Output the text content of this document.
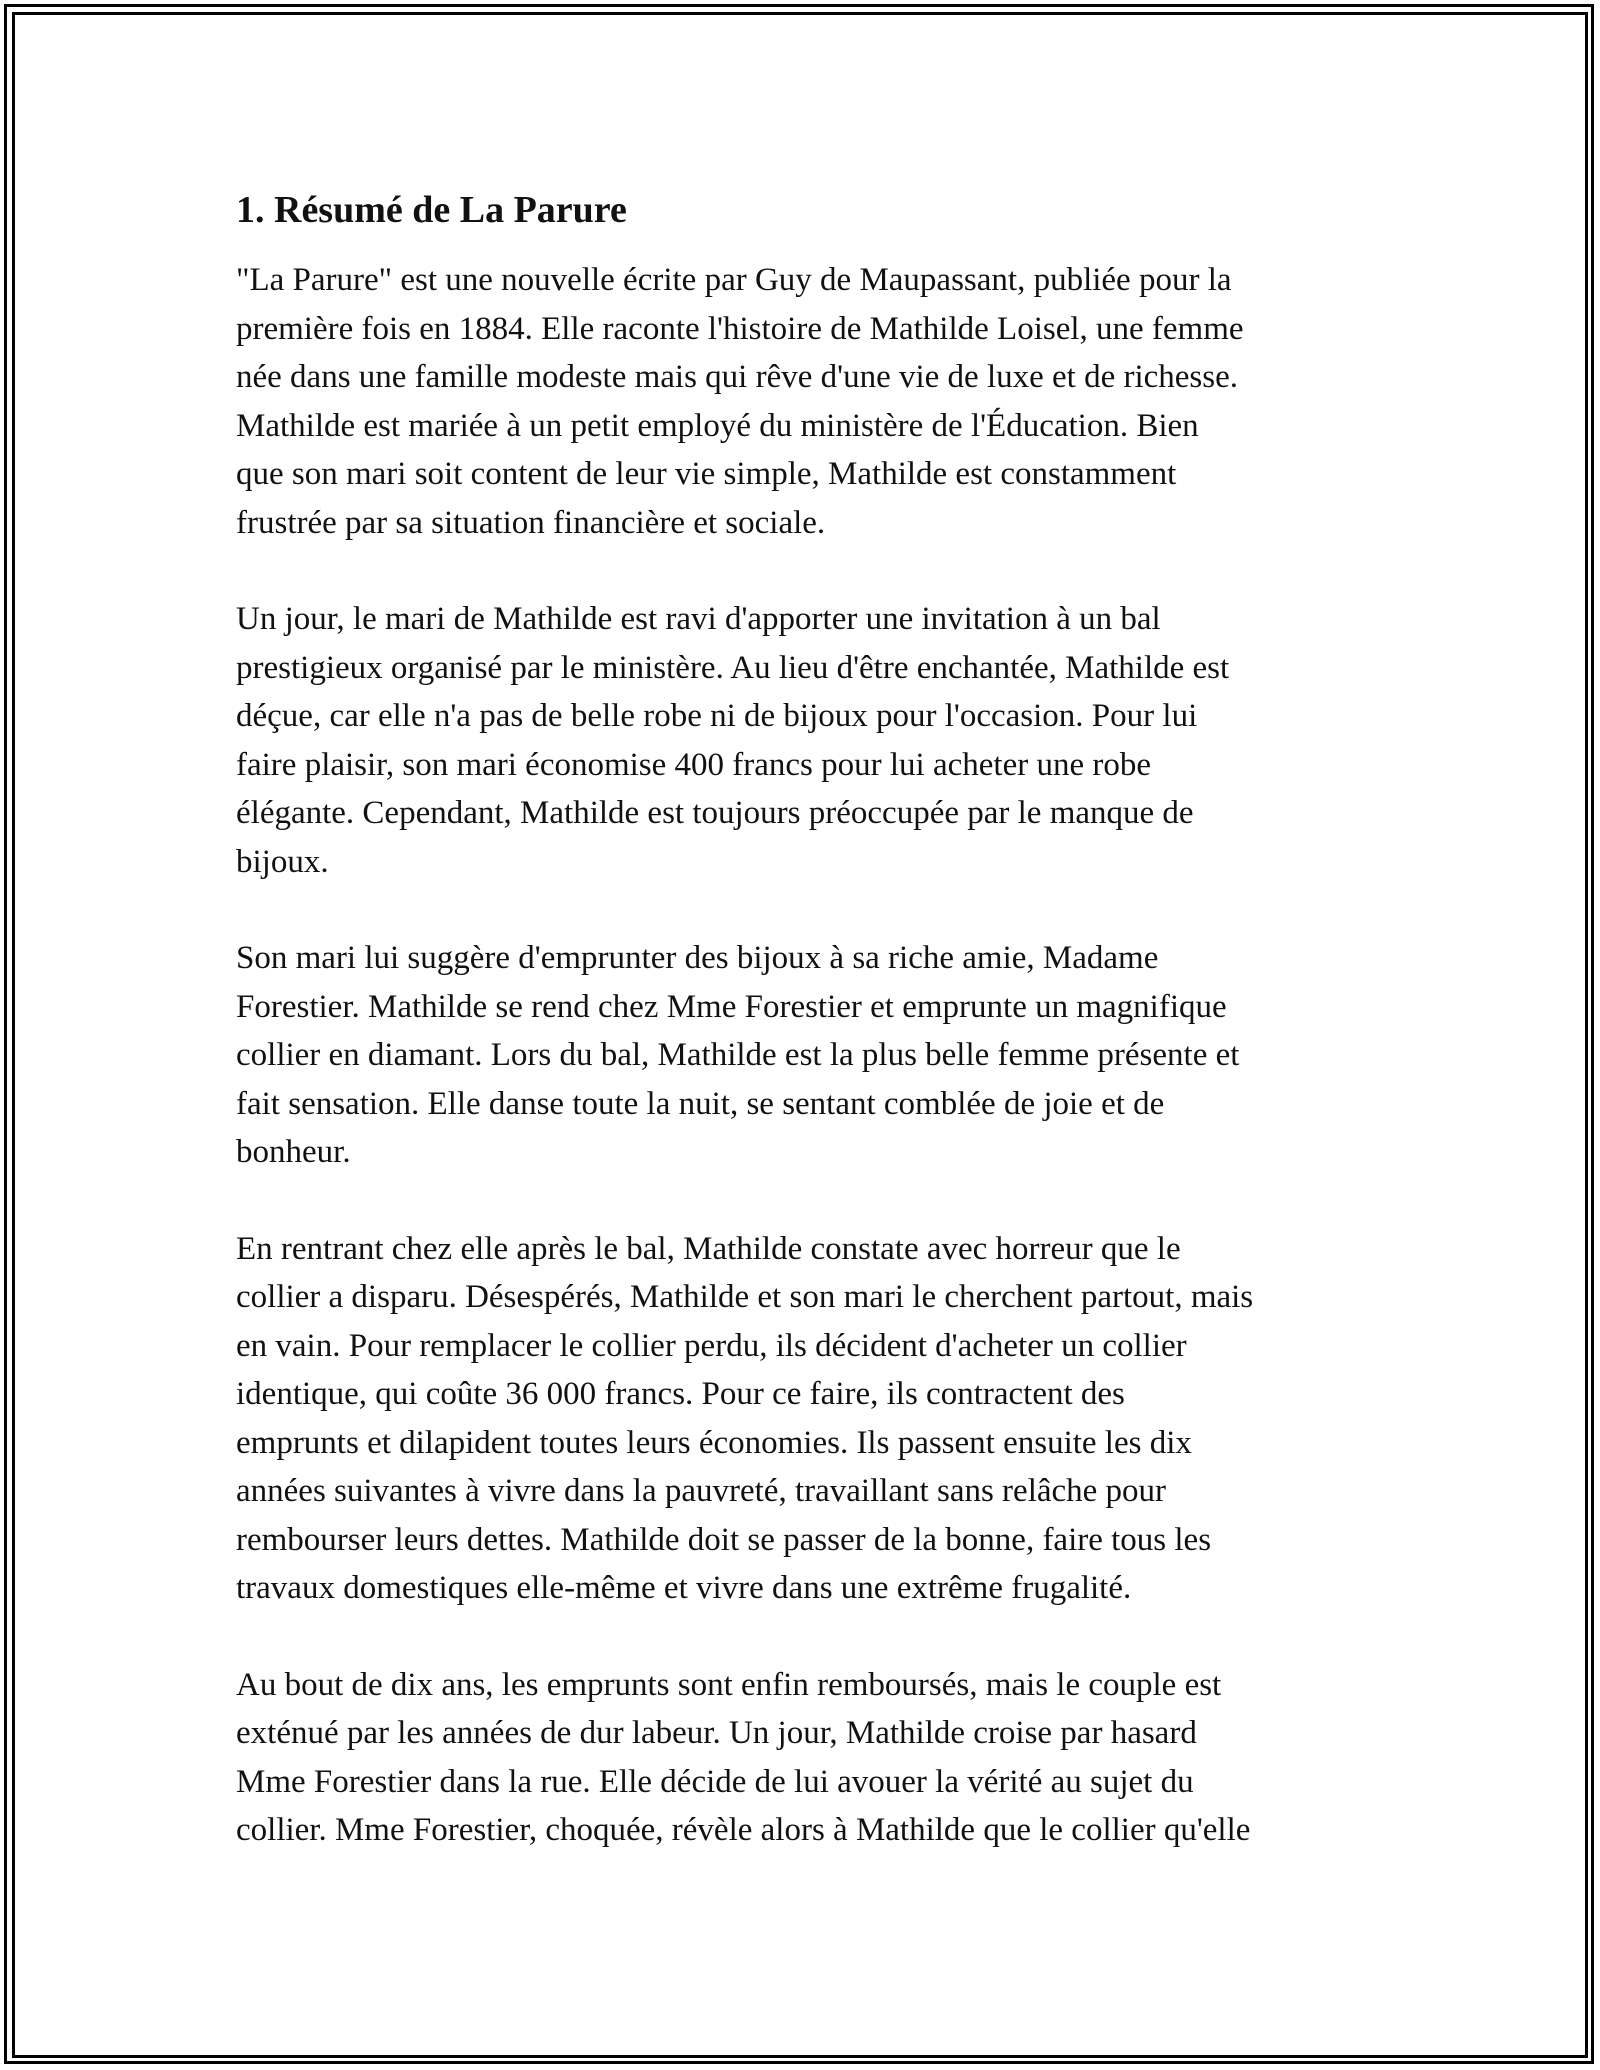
1. Résumé de La Parure

"La Parure" est une nouvelle écrite par Guy de Maupassant, publiée pour la
première fois en 1884. Elle raconte l'histoire de Mathilde Loisel, une femme
née dans une famille modeste mais qui rêve d'une vie de luxe et de richesse.
Mathilde est mariée à un petit employé du ministère de l'Éducation. Bien
que son mari soit content de leur vie simple, Mathilde est constamment
frustrée par sa situation financière et sociale.

Un jour, le mari de Mathilde est ravi d'apporter une invitation à un bal
prestigieux organisé par le ministère. Au lieu d'être enchantée, Mathilde est
déçue, car elle n'a pas de belle robe ni de bijoux pour l'occasion. Pour lui
faire plaisir, son mari économise 400 francs pour lui acheter une robe
élégante. Cependant, Mathilde est toujours préoccupée par le manque de
bijoux.

Son mari lui suggère d'emprunter des bijoux à sa riche amie, Madame
Forestier. Mathilde se rend chez Mme Forestier et emprunte un magnifique
collier en diamant. Lors du bal, Mathilde est la plus belle femme présente et
fait sensation. Elle danse toute la nuit, se sentant comblée de joie et de
bonheur.

En rentrant chez elle après le bal, Mathilde constate avec horreur que le
collier a disparu. Désespérés, Mathilde et son mari le cherchent partout, mais
en vain. Pour remplacer le collier perdu, ils décident d'acheter un collier
identique, qui coûte 36 000 francs. Pour ce faire, ils contractent des
emprunts et dilapident toutes leurs économies. Ils passent ensuite les dix
années suivantes à vivre dans la pauvreté, travaillant sans relâche pour
rembourser leurs dettes. Mathilde doit se passer de la bonne, faire tous les
travaux domestiques elle-même et vivre dans une extrême frugalité.

Au bout de dix ans, les emprunts sont enfin remboursés, mais le couple est
exténué par les années de dur labeur. Un jour, Mathilde croise par hasard
Mme Forestier dans la rue. Elle décide de lui avouer la vérité au sujet du
collier. Mme Forestier, choquée, révèle alors à Mathilde que le collier qu'elle
